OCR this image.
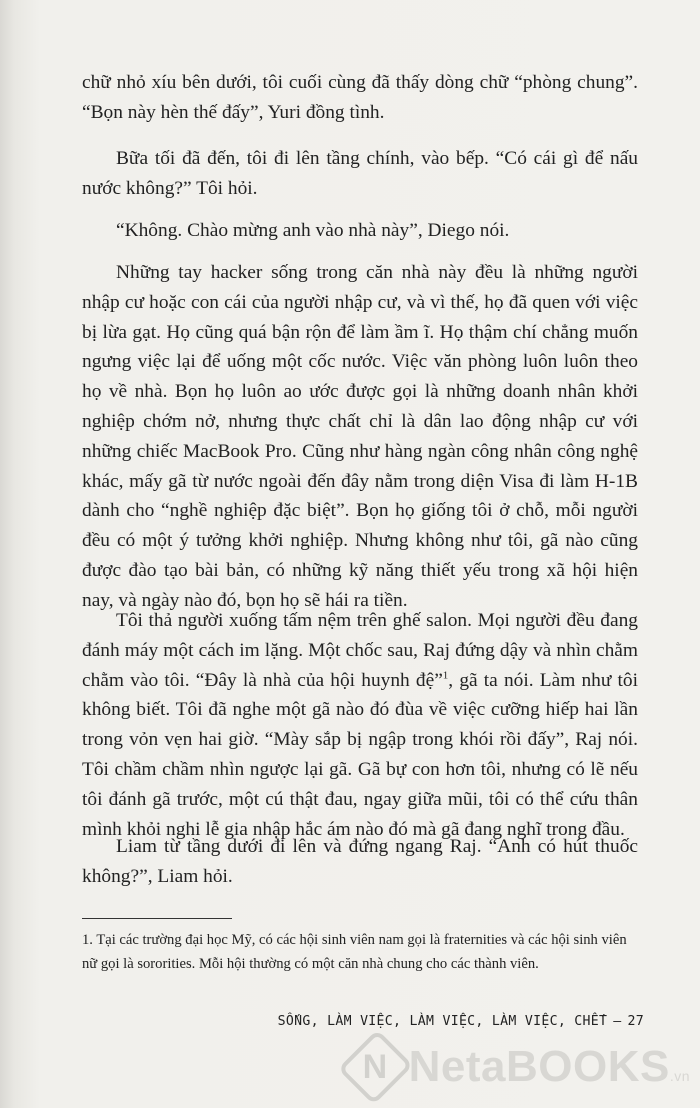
chữ nhỏ xíu bên dưới, tôi cuối cùng đã thấy dòng chữ “phòng chung”. “Bọn này hèn thế đấy”, Yuri đồng tình.

Bữa tối đã đến, tôi đi lên tầng chính, vào bếp. “Có cái gì để nấu nước không?” Tôi hỏi.

“Không. Chào mừng anh vào nhà này”, Diego nói.

Những tay hacker sống trong căn nhà này đều là những người nhập cư hoặc con cái của người nhập cư, và vì thế, họ đã quen với việc bị lừa gạt. Họ cũng quá bận rộn để làm ầm ĩ. Họ thậm chí chẳng muốn ngưng việc lại để uống một cốc nước. Việc văn phòng luôn luôn theo họ về nhà. Bọn họ luôn ao ước được gọi là những doanh nhân khởi nghiệp chớm nở, nhưng thực chất chỉ là dân lao động nhập cư với những chiếc MacBook Pro. Cũng như hàng ngàn công nhân công nghệ khác, mấy gã từ nước ngoài đến đây nằm trong diện Visa đi làm H-1B dành cho “nghề nghiệp đặc biệt”. Bọn họ giống tôi ở chỗ, mỗi người đều có một ý tưởng khởi nghiệp. Nhưng không như tôi, gã nào cũng được đào tạo bài bản, có những kỹ năng thiết yếu trong xã hội hiện nay, và ngày nào đó, bọn họ sẽ hái ra tiền.

Tôi thả người xuống tấm nệm trên ghế salon. Mọi người đều đang đánh máy một cách im lặng. Một chốc sau, Raj đứng dậy và nhìn chằm chằm vào tôi. “Đây là nhà của hội huynh đệ”$^1$, gã ta nói. Làm như tôi không biết. Tôi đã nghe một gã nào đó đùa về việc cưỡng hiếp hai lần trong vỏn vẹn hai giờ. “Mày sắp bị ngập trong khói rồi đấy”, Raj nói. Tôi chầm chầm nhìn ngược lại gã. Gã bự con hơn tôi, nhưng có lẽ nếu tôi đánh gã trước, một cú thật đau, ngay giữa mũi, tôi có thể cứu thân mình khỏi nghi lễ gia nhập hắc ám nào đó mà gã đang nghĩ trong đầu.

Liam từ tầng dưới đi lên và đứng ngang Raj. “Anh có hút thuốc không?”, Liam hỏi.

1. Tại các trường đại học Mỹ, có các hội sinh viên nam gọi là fraternities và các hội sinh viên nữ gọi là sororities. Mỗi hội thường có một căn nhà chung cho các thành viên.

SỐNG, LÀM VIỆC, LÀM VIỆC, LÀM VIỆC, CHẾT – 27
N NetaBOOKS.vn
